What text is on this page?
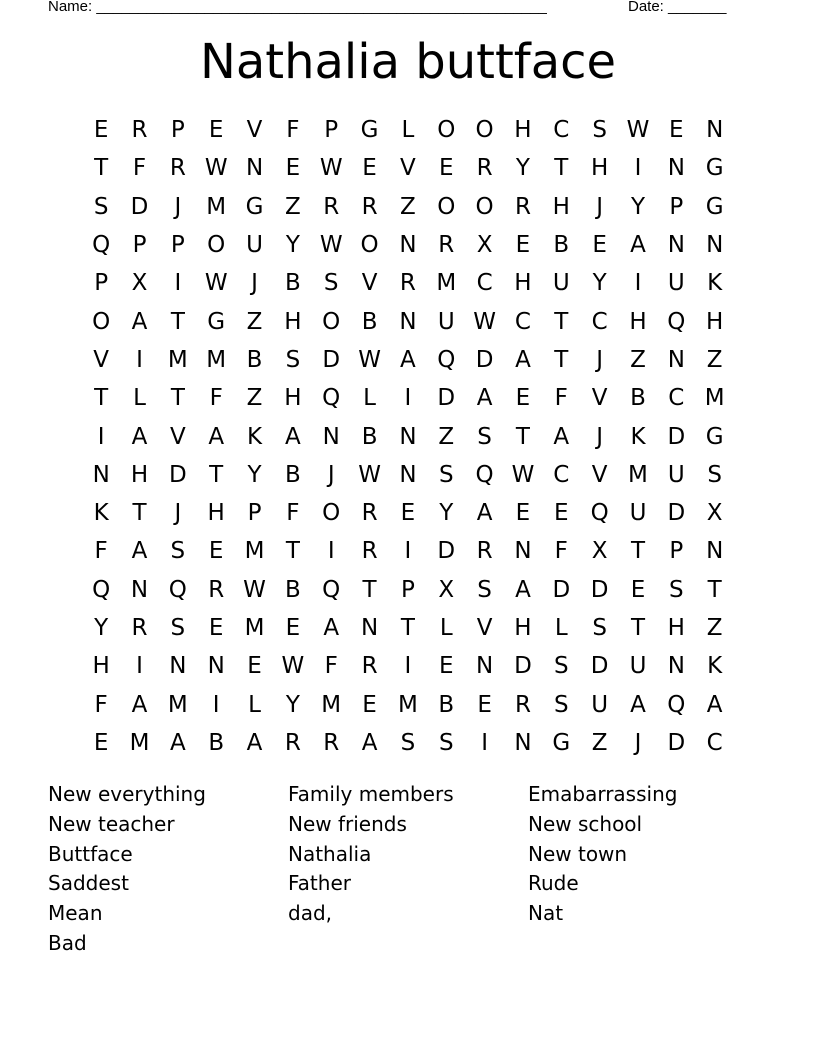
Name: ______________________________________________________	Date: _______
Nathalia buttface
E	R	P	E	V	F	P G	L O O H C	S W E N
T	F	R W N E W E	V	E	R	Y	T H	I	N G
S D	J	M G Z R R Z O O R H	J	Y	P G
Q P	P O U Y W O N R X	E	B	E	A N N
P	X	I	W	J	B	S	V R M C H U Y	I	U K
O A	T G Z H O B N U W C	T	C H Q H
V	I	M M B	S D W A Q D A	T	J	Z N Z
T	L	T	F	Z H Q L	I	D A	E	F	V B C M
I	A V A K A N B N Z	S	T	A	J	K D G
N H D T	Y	B	J	W N S Q W C V M U S
K	T	J	H P	F O R	E	Y	A	E	E Q U D X
F	A	S	E M T	I	R	I	D R N	F	X	T	P N
Q N Q R W B Q T	P	X	S	A D D E	S	T
Y	R	S	E M E	A N T	L	V H	L	S	T H Z
H	I	N N E W F	R	I	E N D S D U N K
F	A M	I	L	Y M E M B	E	R	S U A Q A
E M A B A R R A	S	S	I	N G Z	J	D C
New everything
New teacher
Buttface
Saddest
Mean
Bad
Family members
New friends
Nathalia
Father
dad,
Emabarrassing
New school
New town
Rude
Nat
